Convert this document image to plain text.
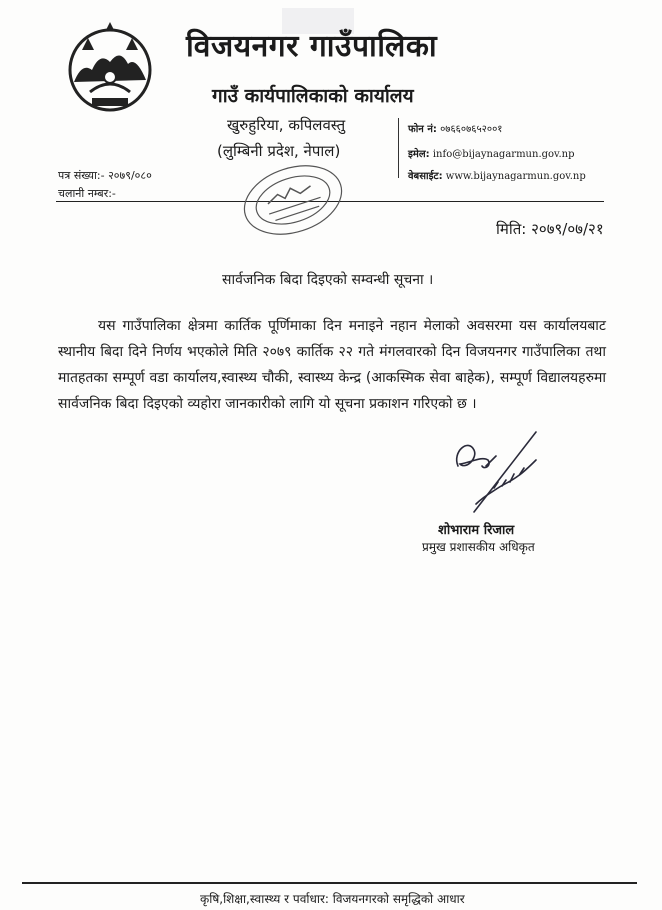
विजयनगर गाउँपालिका
गाउँ कार्यपालिकाको कार्यालय
खुरुहुरिया, कपिलवस्तु
(लुम्बिनी प्रदेश, नेपाल)
फोन नं: ०७६६०७६५२००१
इमेल: info@bijaynagarmun.gov.np
वेबसाईट: www.bijaynagarmun.gov.np
पत्र संख्या:- २०७९/०८०
चलानी नम्बर:-
मिति: २०७९/०७/२१
सार्वजनिक बिदा दिइएको सम्वन्धी सूचना ।
यस गाउँपालिका क्षेत्रमा कार्तिक पूर्णिमाका दिन मनाइने नहान मेलाको अवसरमा यस कार्यालयबाट स्थानीय बिदा दिने निर्णय भएकोले मिति २०७९ कार्तिक २२ गते मंगलवारको दिन विजयनगर गाउँपालिका तथा मातहतका सम्पूर्ण वडा कार्यालय,स्वास्थ्य चौकी, स्वास्थ्य केन्द्र (आकस्मिक सेवा बाहेक), सम्पूर्ण विद्यालयहरुमा सार्वजनिक बिदा दिइएको व्यहोरा जानकारीको लागि यो सूचना प्रकाशन गरिएको छ ।
शोभाराम रिजाल
प्रमुख प्रशासकीय अधिकृत
कृषि,शिक्षा,स्वास्थ्य र पर्वाधार: विजयनगरको समृद्धिको आधार
